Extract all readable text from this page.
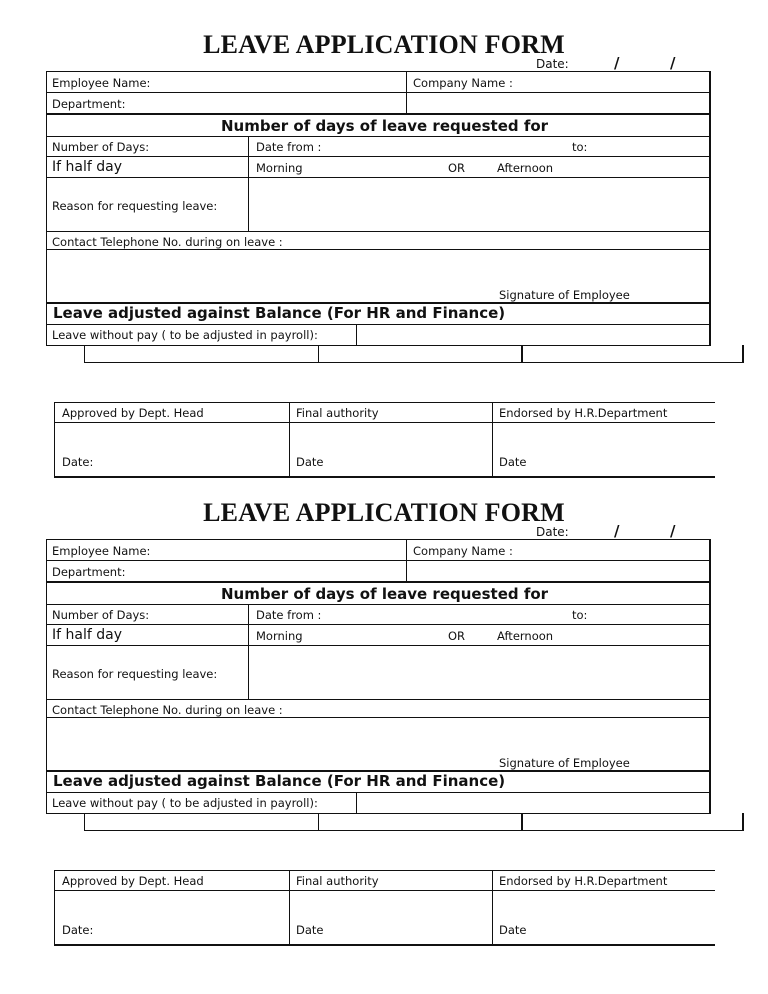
LEAVE APPLICATION FORM
Date:	/	/
Employee Name:	Company Name :
Department:
Number of days of leave requested for
Number of Days:	Date from :	to:
If half day	Morning	OR	Afternoon
Reason for requesting leave:
Contact Telephone No. during on leave :
Signature of Employee
Leave adjusted against Balance (For HR and Finance)
Leave without pay ( to be adjusted in payroll):
Approved by Dept. Head	Final authority	Endorsed by H.R.Department
Date:	Date	Date
LEAVE APPLICATION FORM
Date:	/	/
Employee Name:	Company Name :
Department:
Number of days of leave requested for
Number of Days:	Date from :	to:
If half day	Morning	OR	Afternoon
Reason for requesting leave:
Contact Telephone No. during on leave :
Signature of Employee
Leave adjusted against Balance (For HR and Finance)
Leave without pay ( to be adjusted in payroll):
Approved by Dept. Head	Final authority	Endorsed by H.R.Department
Date:	Date	Date
